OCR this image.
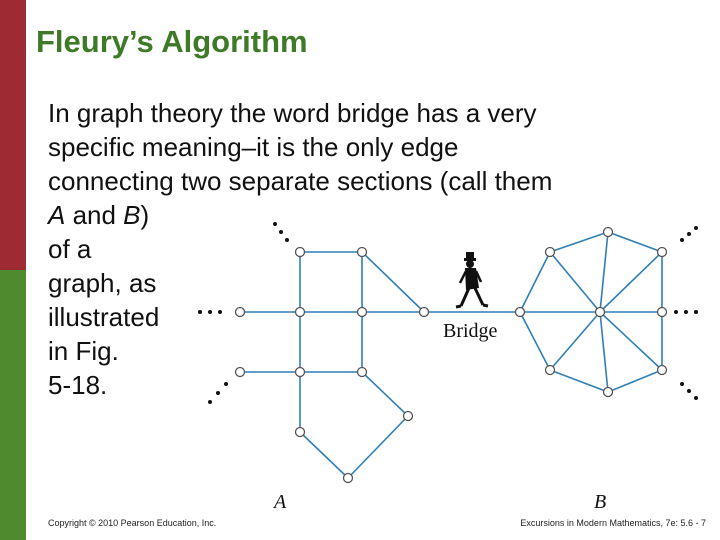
Fleury’s Algorithm

In graph theory the word bridge has a very

specific meaning–it is the only edge

connecting two separate sections (call them

A and B)

of a

graph, as

illustrated

in Fig.

5-18.

Bridge
A	B
Copyright © 2010 Pearson Education, Inc.	Excursions in Modern Mathematics, 7e: 5.6 - 7
